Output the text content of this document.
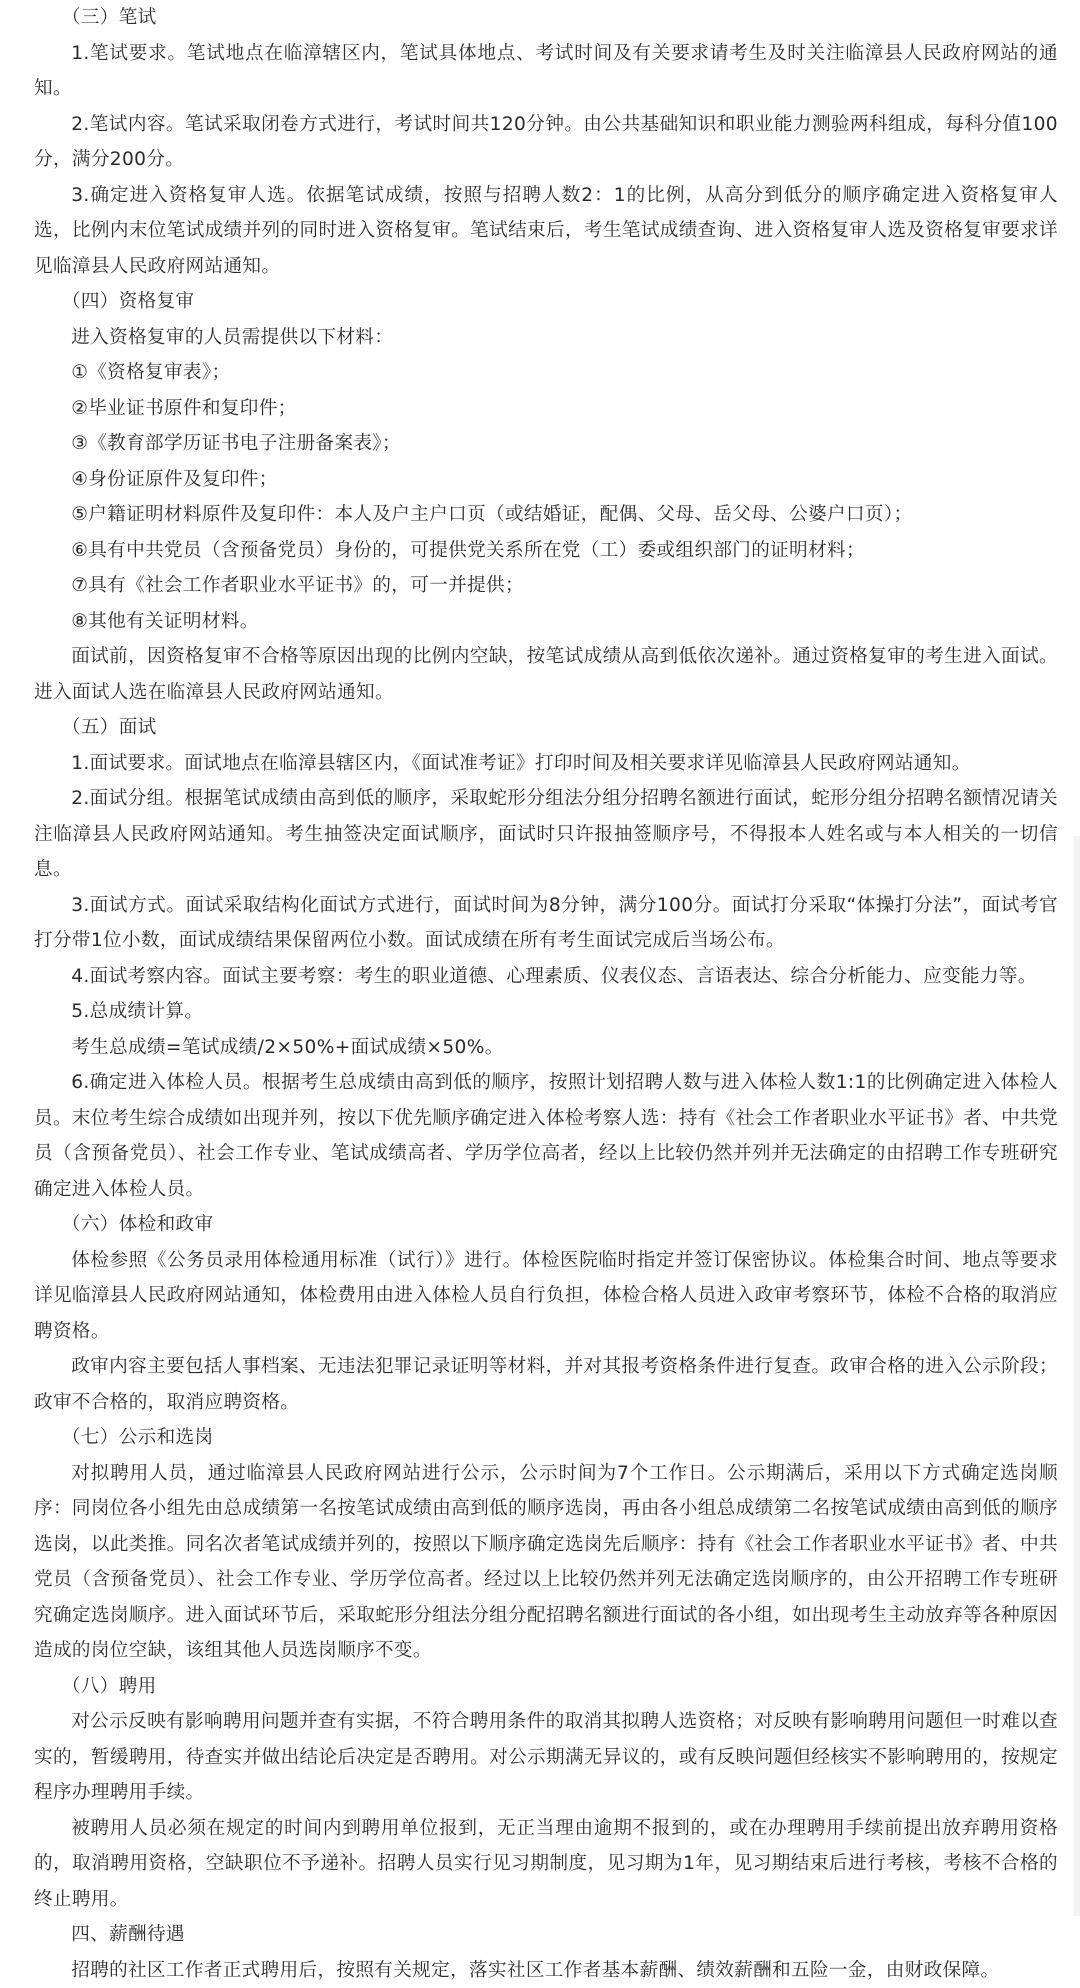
（三）笔试

1.笔试要求。笔试地点在临漳辖区内，笔试具体地点、考试时间及有关要求请考生及时关注临漳县人民政府网站的通知。

2.笔试内容。笔试采取闭卷方式进行，考试时间共120分钟。由公共基础知识和职业能力测验两科组成，每科分值100分，满分200分。

3.确定进入资格复审人选。依据笔试成绩，按照与招聘人数2：1的比例，从高分到低分的顺序确定进入资格复审人选，比例内末位笔试成绩并列的同时进入资格复审。笔试结束后，考生笔试成绩查询、进入资格复审人选及资格复审要求详见临漳县人民政府网站通知。

（四）资格复审

进入资格复审的人员需提供以下材料：

①《资格复审表》；

②毕业证书原件和复印件；

③《教育部学历证书电子注册备案表》；

④身份证原件及复印件；

⑤户籍证明材料原件及复印件：本人及户主户口页（或结婚证，配偶、父母、岳父母、公婆户口页）；

⑥具有中共党员（含预备党员）身份的，可提供党关系所在党（工）委或组织部门的证明材料；

⑦具有《社会工作者职业水平证书》的，可一并提供；

⑧其他有关证明材料。

面试前，因资格复审不合格等原因出现的比例内空缺，按笔试成绩从高到低依次递补。通过资格复审的考生进入面试。进入面试人选在临漳县人民政府网站通知。

（五）面试

1.面试要求。面试地点在临漳县辖区内，《面试准考证》打印时间及相关要求详见临漳县人民政府网站通知。

2.面试分组。根据笔试成绩由高到低的顺序，采取蛇形分组法分组分招聘名额进行面试，蛇形分组分招聘名额情况请关注临漳县人民政府网站通知。考生抽签决定面试顺序，面试时只许报抽签顺序号，不得报本人姓名或与本人相关的一切信息。

3.面试方式。面试采取结构化面试方式进行，面试时间为8分钟，满分100分。面试打分采取“体操打分法”，面试考官打分带1位小数，面试成绩结果保留两位小数。面试成绩在所有考生面试完成后当场公布。

4.面试考察内容。面试主要考察：考生的职业道德、心理素质、仪表仪态、言语表达、综合分析能力、应变能力等。

5.总成绩计算。

考生总成绩=笔试成绩/2×50%+面试成绩×50%。

6.确定进入体检人员。根据考生总成绩由高到低的顺序，按照计划招聘人数与进入体检人数1:1的比例确定进入体检人员。末位考生综合成绩如出现并列，按以下优先顺序确定进入体检考察人选：持有《社会工作者职业水平证书》者、中共党员（含预备党员）、社会工作专业、笔试成绩高者、学历学位高者，经以上比较仍然并列并无法确定的由招聘工作专班研究确定进入体检人员。

（六）体检和政审

体检参照《公务员录用体检通用标准（试行）》进行。体检医院临时指定并签订保密协议。体检集合时间、地点等要求详见临漳县人民政府网站通知，体检费用由进入体检人员自行负担，体检合格人员进入政审考察环节，体检不合格的取消应聘资格。

政审内容主要包括人事档案、无违法犯罪记录证明等材料，并对其报考资格条件进行复查。政审合格的进入公示阶段；政审不合格的，取消应聘资格。

（七）公示和选岗

对拟聘用人员，通过临漳县人民政府网站进行公示，公示时间为7个工作日。公示期满后，采用以下方式确定选岗顺序：同岗位各小组先由总成绩第一名按笔试成绩由高到低的顺序选岗，再由各小组总成绩第二名按笔试成绩由高到低的顺序选岗，以此类推。同名次者笔试成绩并列的，按照以下顺序确定选岗先后顺序：持有《社会工作者职业水平证书》者、中共党员（含预备党员）、社会工作专业、学历学位高者。经过以上比较仍然并列无法确定选岗顺序的，由公开招聘工作专班研究确定选岗顺序。进入面试环节后，采取蛇形分组法分组分配招聘名额进行面试的各小组，如出现考生主动放弃等各种原因造成的岗位空缺，该组其他人员选岗顺序不变。

（八）聘用

对公示反映有影响聘用问题并查有实据，不符合聘用条件的取消其拟聘人选资格；对反映有影响聘用问题但一时难以查实的，暂缓聘用，待查实并做出结论后决定是否聘用。对公示期满无异议的，或有反映问题但经核实不影响聘用的，按规定程序办理聘用手续。

被聘用人员必须在规定的时间内到聘用单位报到，无正当理由逾期不报到的，或在办理聘用手续前提出放弃聘用资格的，取消聘用资格，空缺职位不予递补。招聘人员实行见习期制度，见习期为1年，见习期结束后进行考核，考核不合格的终止聘用。

四、薪酬待遇

招聘的社区工作者正式聘用后，按照有关规定，落实社区工作者基本薪酬、绩效薪酬和五险一金，由财政保障。
